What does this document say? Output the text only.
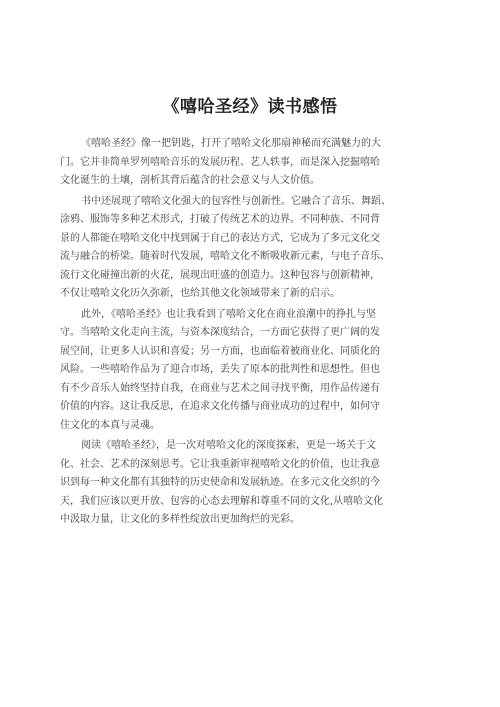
《嘻哈圣经》读书感悟
《嘻哈圣经》像一把钥匙，打开了嘻哈文化那扇神秘而充满魅力的大
门。它并非简单罗列嘻哈音乐的发展历程、艺人轶事，而是深入挖掘嘻哈
文化诞生的土壤，剖析其背后蕴含的社会意义与人文价值。
书中还展现了嘻哈文化强大的包容性与创新性。它融合了音乐、舞蹈、
涂鸦、服饰等多种艺术形式，打破了传统艺术的边界。不同种族、不同背
景的人都能在嘻哈文化中找到属于自己的表达方式，它成为了多元文化交
流与融合的桥梁。随着时代发展，嘻哈文化不断吸收新元素，与电子音乐、
流行文化碰撞出新的火花，展现出旺盛的创造力。这种包容与创新精神，
不仅让嘻哈文化历久弥新，也给其他文化领域带来了新的启示。
此外，《嘻哈圣经》也让我看到了嘻哈文化在商业浪潮中的挣扎与坚
守。当嘻哈文化走向主流，与资本深度结合，一方面它获得了更广阔的发
展空间，让更多人认识和喜爱；另一方面，也面临着被商业化、同质化的
风险。一些嘻哈作品为了迎合市场，丢失了原本的批判性和思想性。但也
有不少音乐人始终坚持自我，在商业与艺术之间寻找平衡，用作品传递有
价值的内容。这让我反思，在追求文化传播与商业成功的过程中，如何守
住文化的本真与灵魂。
阅读《嘻哈圣经》，是一次对嘻哈文化的深度探索，更是一场关于文
化、社会、艺术的深刻思考。它让我重新审视嘻哈文化的价值，也让我意
识到每一种文化都有其独特的历史使命和发展轨迹。在多元文化交织的今
天，我们应该以更开放、包容的心态去理解和尊重不同的文化,从嘻哈文化
中汲取力量，让文化的多样性绽放出更加绚烂的光彩。
